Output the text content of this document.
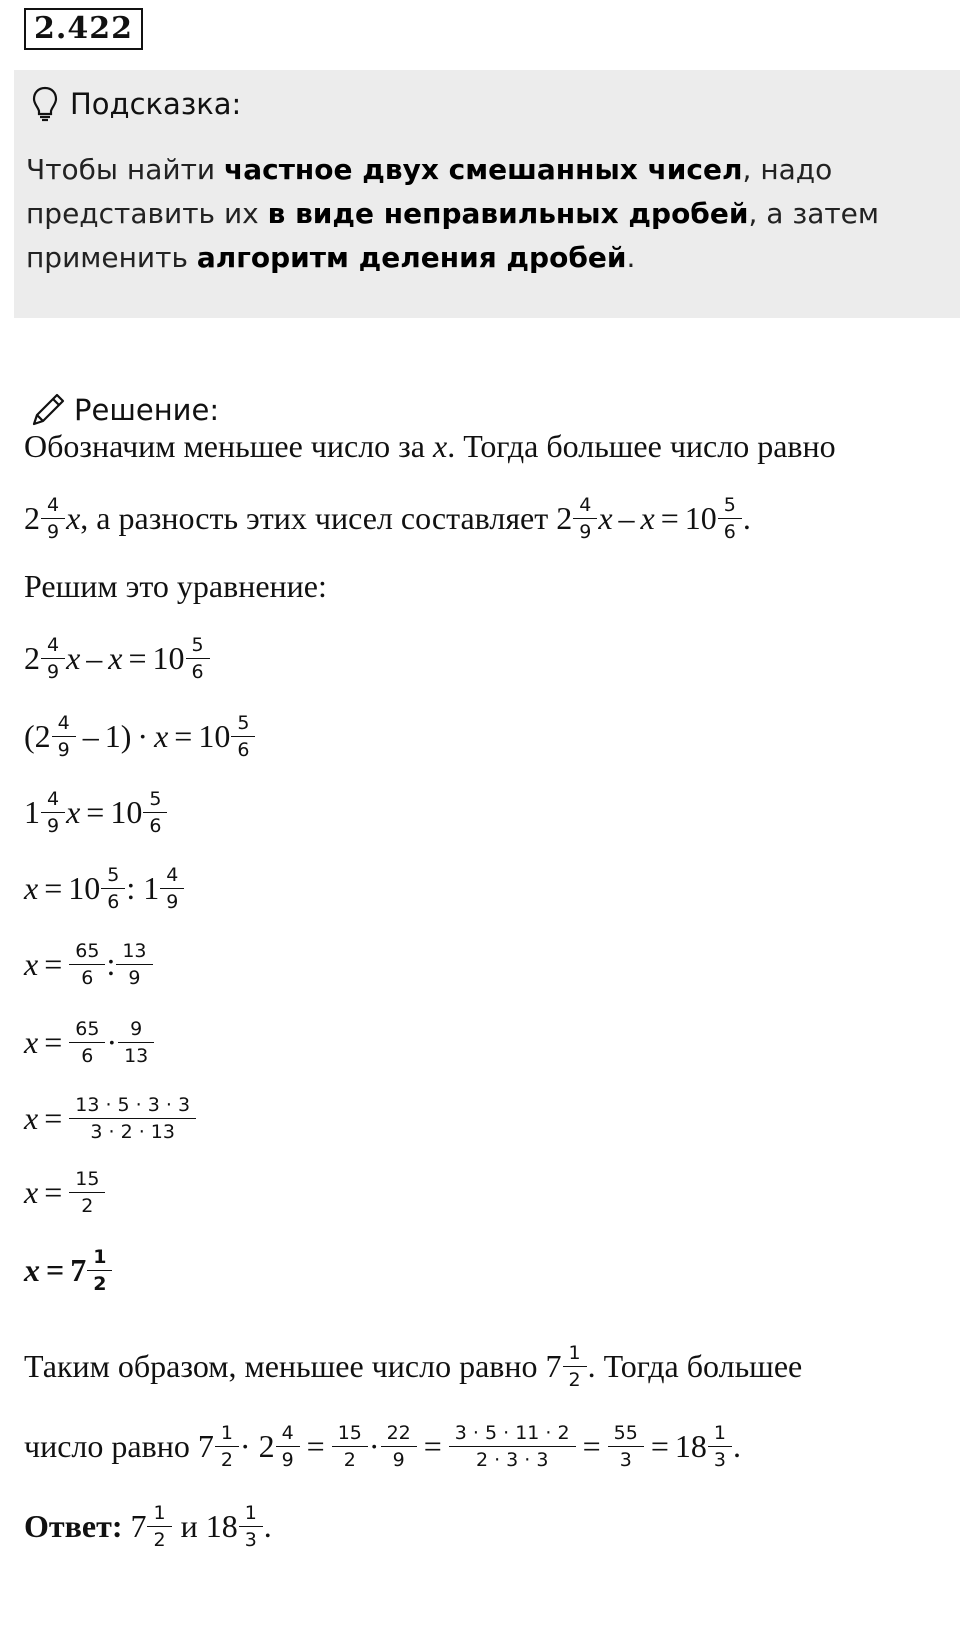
2.422
Подсказка:
Чтобы найти частное двух смешанных чисел, надо представить их в виде неправильных дробей, а затем применить алгоритм деления дробей.
Решение:
Обозначим меньшее число за
x . Тогда большее число равно
$2 \frac{4}{9}$ x , а разность этих чисел составляет
$2 \frac{4}{9}$ $x - x = 10 \frac{5}{6}$ .
Решим это уравнение:
$2 \frac{4}{9}$ $x - x = 10 \frac{5}{6}$
( $2 \frac{4}{9} - 1$ ) · $x = 10 \frac{5}{6}$
$1 \frac{4}{9}$ $x = 10 \frac{5}{6}$
$x = 10 \frac{5}{6}$ :
$1 \frac{4}{9}$
$x = \frac{65}{6}$ : $\frac{13}{9}$
$x = \frac{65}{6} \cdot \frac{9}{13}$
$x = \frac{13 \cdot 5 \cdot 3 \cdot 3}{3 \cdot 2 \cdot 13}$
$x = \frac{15}{2}$
$x = 7 \frac{1}{2}$
Таким образом, меньшее число равно
$7 \frac{1}{2}$ . Тогда большее
число равно
$7 \frac{1}{2}$ ·
$2 \frac{4}{9} = \frac{15}{2} \cdot \frac{22}{9} = \frac{3 \cdot 5 \cdot 11 \cdot 2}{2 \cdot 3 \cdot 3} = \frac{55}{3} = 18 \frac{1}{3}$ .
Ответ:
$7 \frac{1}{2}$
и
$18 \frac{1}{3}$ .
